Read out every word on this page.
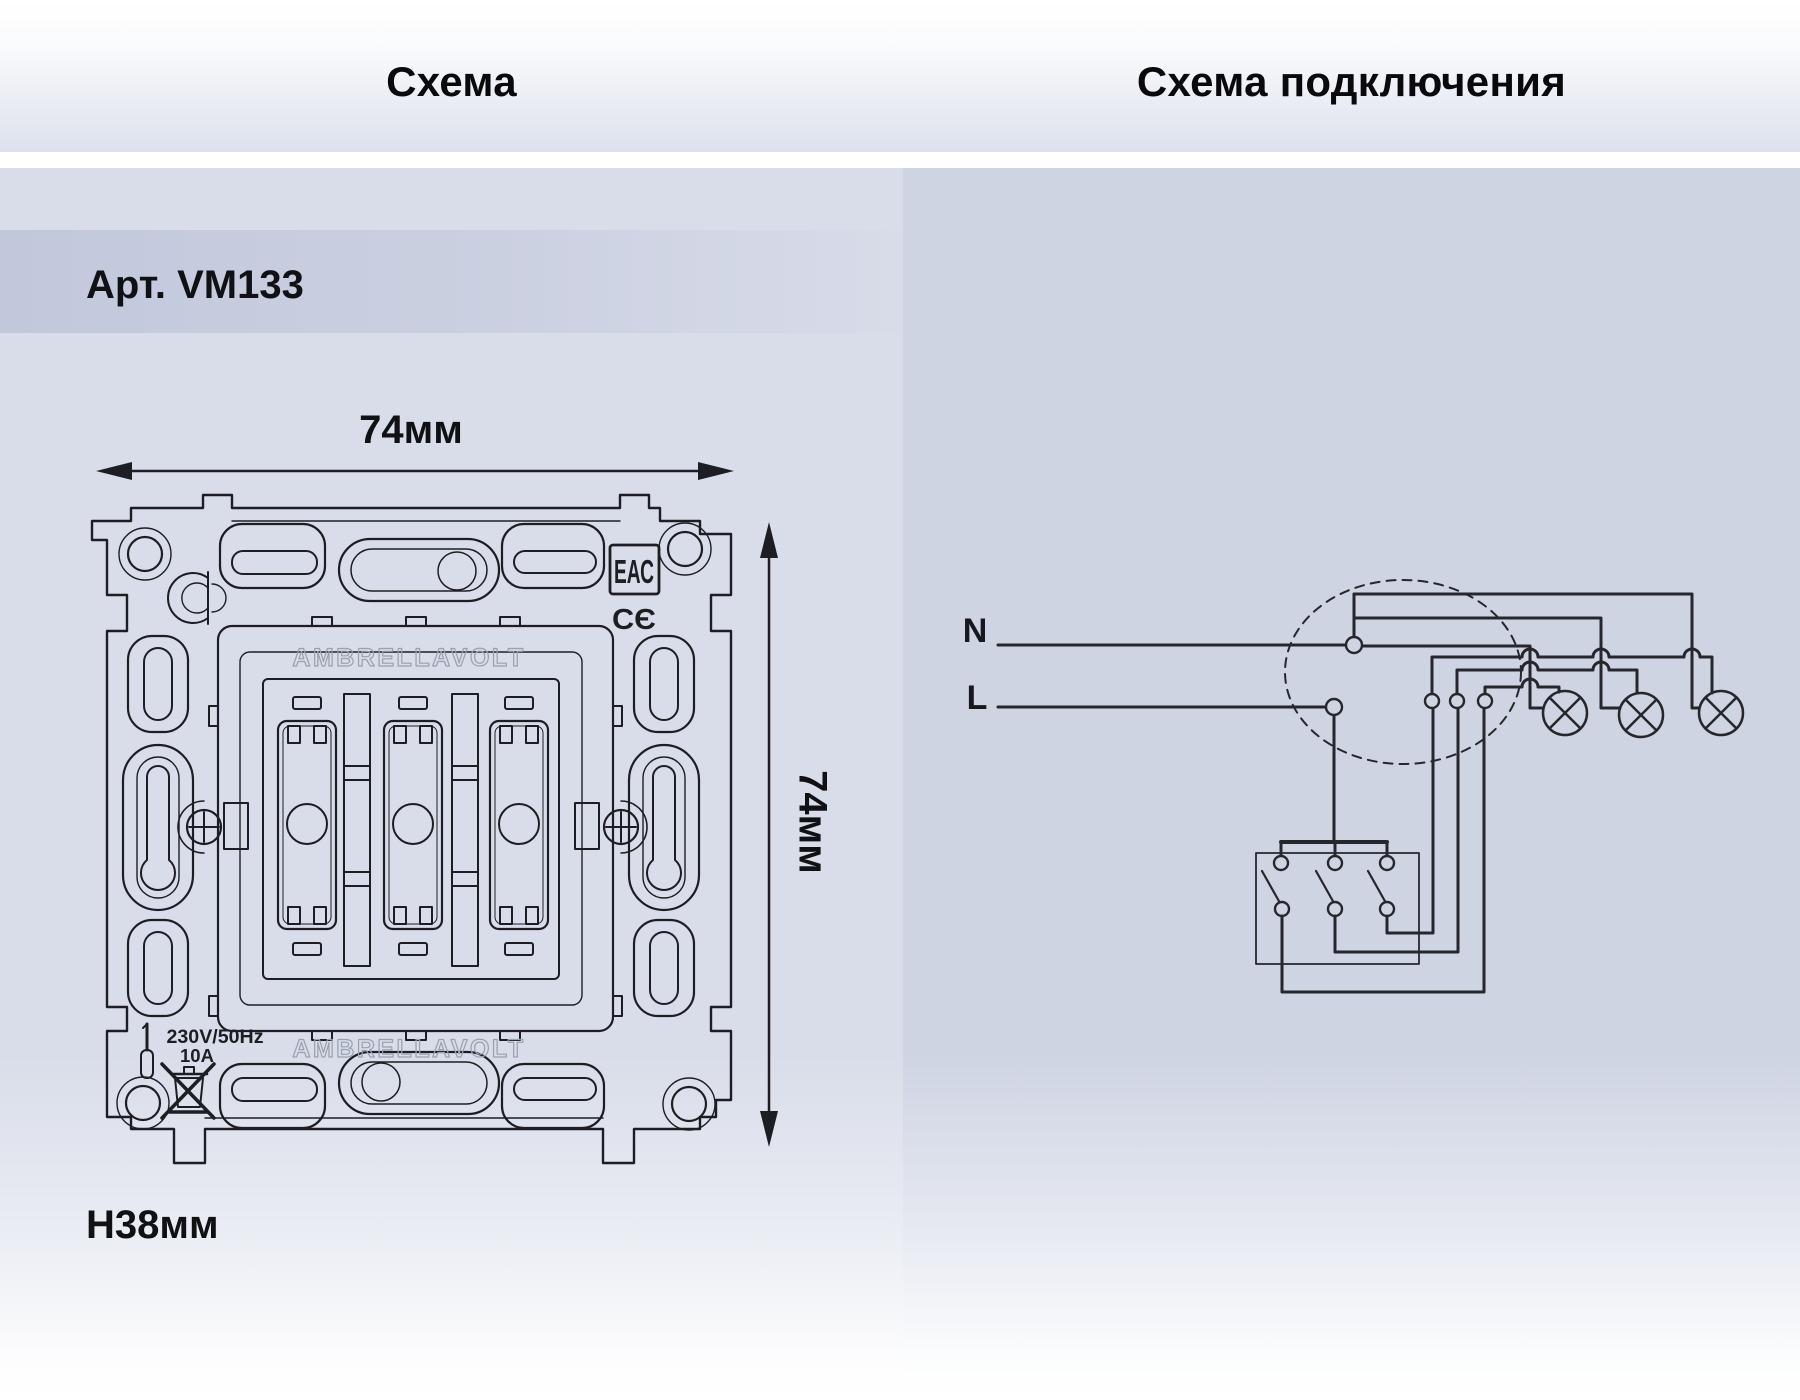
Схема	Схема подключения
Арт. VM133
74мм
74мм
H38мм
N
L
ЕАС
CЄ
AMBRELLAVOLT
AMBRELLAVOLT
230V/50Hz
10A
